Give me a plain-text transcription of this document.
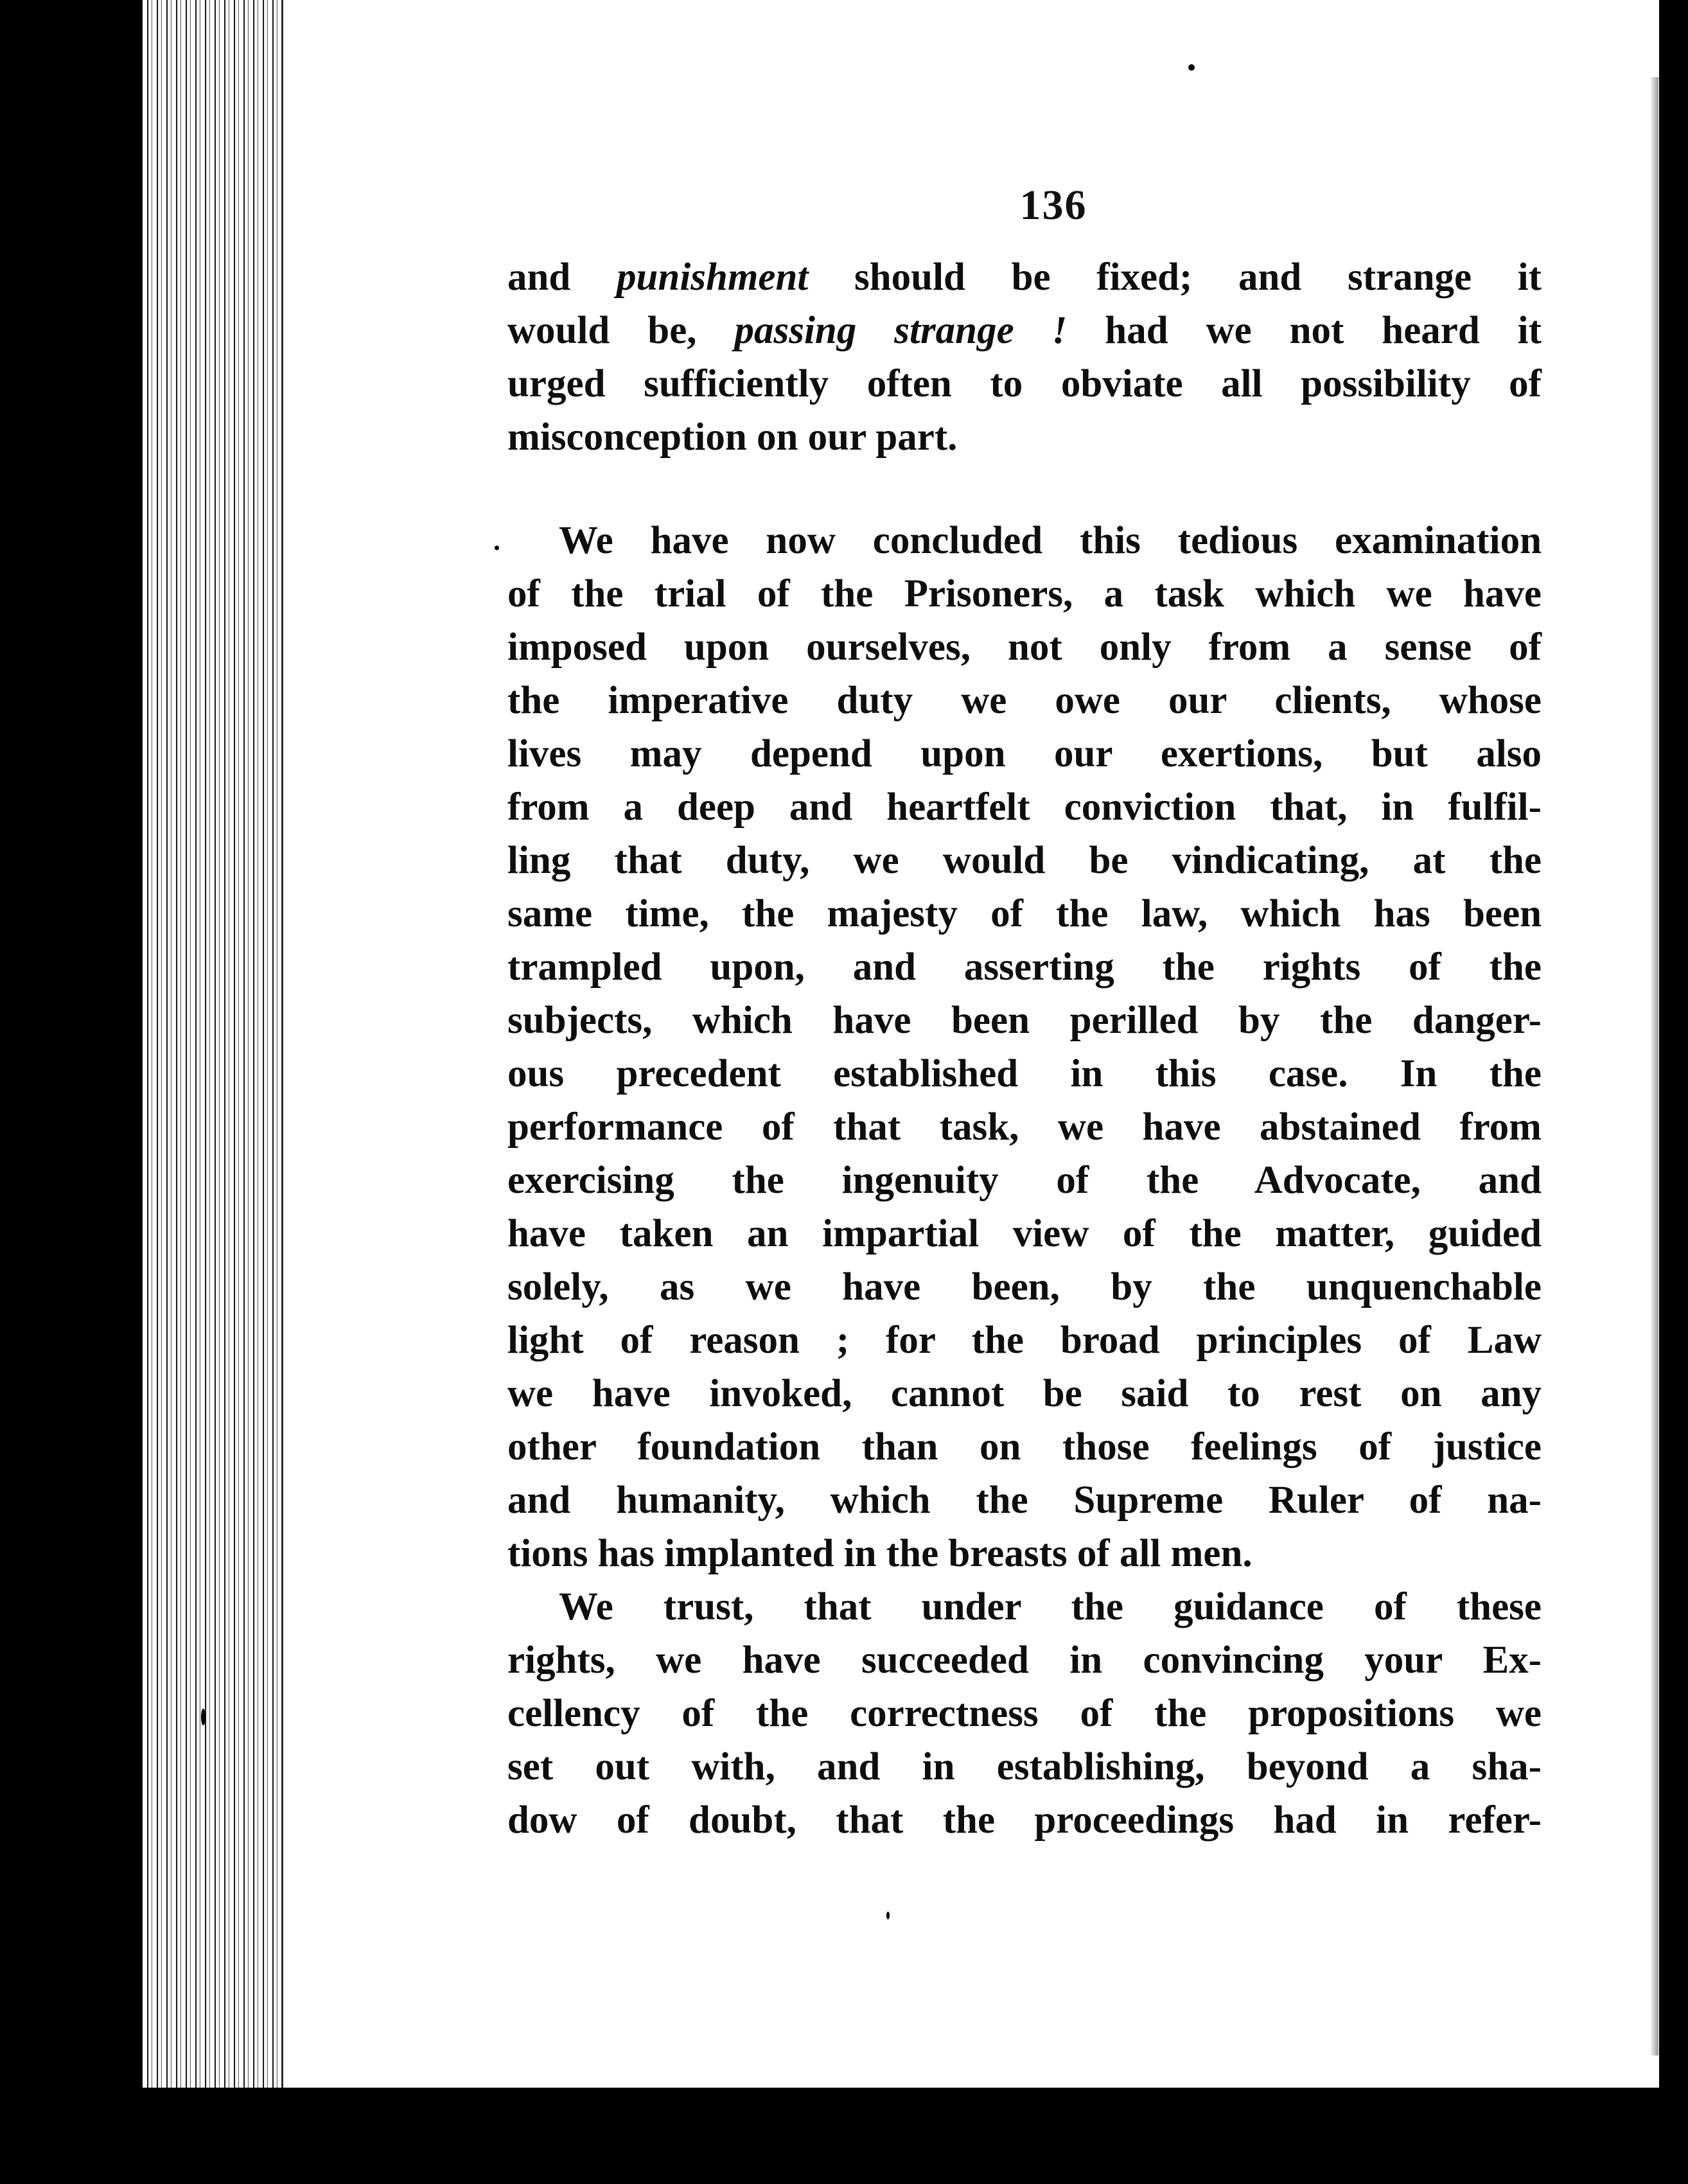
136
and punishment should be fixed; and strange it
would be, passing strange ! had we not heard it
urged sufficiently often to obviate all possibility of
misconception on our part.
. We have now concluded this tedious examination
of the trial of the Prisoners, a task which we have
imposed upon ourselves, not only from a sense of
the imperative duty we owe our clients, whose
lives may depend upon our exertions, but also
from a deep and heartfelt conviction that, in fulfil-
ling that duty, we would be vindicating, at the
same time, the majesty of the law, which has been
trampled upon, and asserting the rights of the
subjects, which have been perilled by the danger-
ous precedent established in this case. In the
performance of that task, we have abstained from
exercising the ingenuity of the Advocate, and
have taken an impartial view of the matter, guided
solely, as we have been, by the unquenchable
light of reason ; for the broad principles of Law
we have invoked, cannot be said to rest on any
other foundation than on those feelings of justice
and humanity, which the Supreme Ruler of na-
tions has implanted in the breasts of all men.
We trust, that under the guidance of these
rights, we have succeeded in convincing your Ex-
cellency of the correctness of the propositions we
set out with, and in establishing, beyond a sha-
dow of doubt, that the proceedings had in refer-
